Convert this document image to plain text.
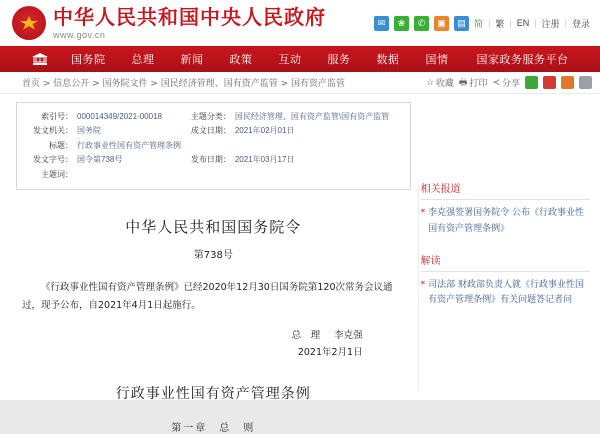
中华人民共和国中央人民政府
www.gov.cn
✉	❀	✆	▣	▤ 简 | 繁 | EN | 注册 | 登录
国务院	总理	新闻	政策	互动	服务	数据	国情	国家政务服务平台
首页 > 信息公开 > 国务院文件 > 国民经济管理、国有资产监管 > 国有资产监管	☆ 收藏 🖶 打印 ≺ 分享
索引号：	000014349/2021-00018		主题分类：	国民经济管理、国有资产监管\国有资产监管
发文机关：	国务院		成文日期：	2021年02月01日
标题：	行政事业性国有资产管理条例			
发文字号：	国令第738号		发布日期：	2021年03月17日
主题词：				
中华人民共和国国务院令
第738号
《行政事业性国有资产管理条例》已经2020年12月30日国务院第120次常务会议通过，现予公布，自2021年4月1日起施行。
总　理 李克强
2021年2月1日
行政事业性国有资产管理条例
第一章　总　则
相关报道
* 李克强签署国务院令 公布《行政事业性国有资产管理条例》
解读
* 司法部 财政部负责人就《行政事业性国有资产管理条例》有关问题答记者问
